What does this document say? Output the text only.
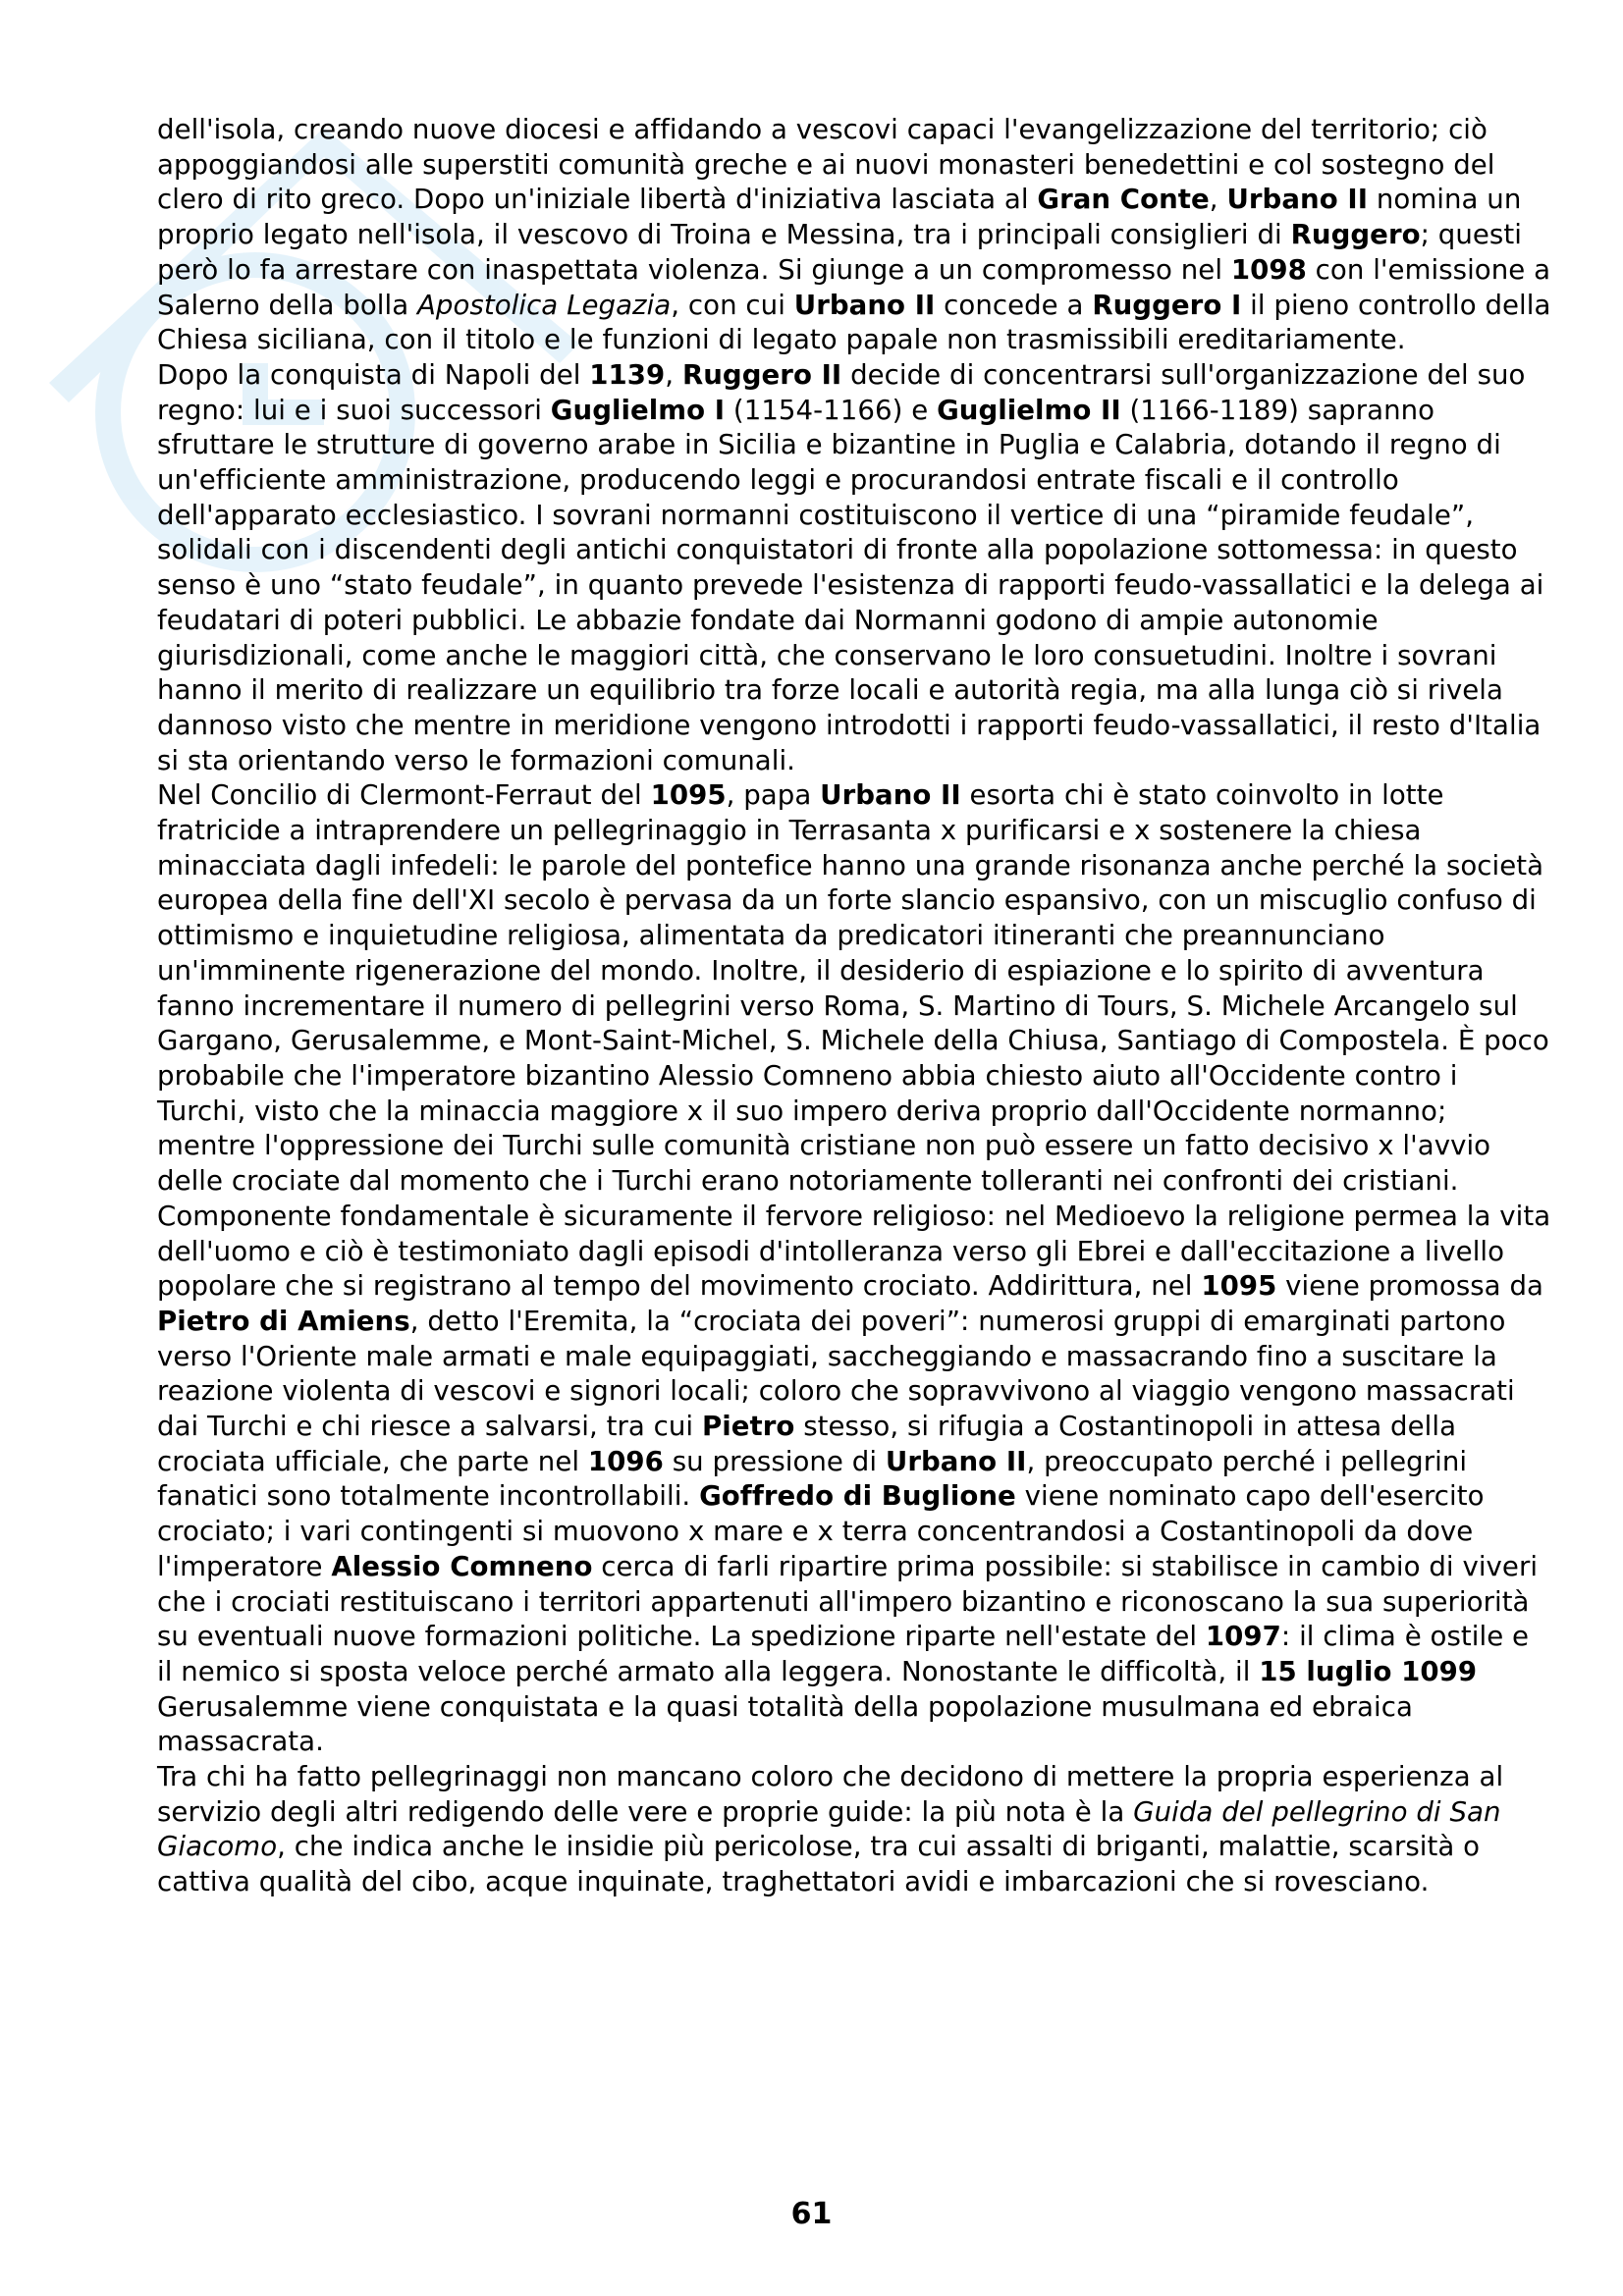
dell'isola, creando nuove diocesi e affidando a vescovi capaci l'evangelizzazione del territorio; ciò appoggiandosi alle superstiti comunità greche e ai nuovi monasteri benedettini e col sostegno del clero di rito greco. Dopo un'iniziale libertà d'iniziativa lasciata al Gran Conte, Urbano II nomina un proprio legato nell'isola, il vescovo di Troina e Messina, tra i principali consiglieri di Ruggero; questi però lo fa arrestare con inaspettata violenza. Si giunge a un compromesso nel 1098 con l'emissione a Salerno della bolla Apostolica Legazia, con cui Urbano II concede a Ruggero I il pieno controllo della Chiesa siciliana, con il titolo e le funzioni di legato papale non trasmissibili ereditariamente.

Dopo la conquista di Napoli del 1139, Ruggero II decide di concentrarsi sull'organizzazione del suo regno: lui e i suoi successori Guglielmo I (1154-1166) e Guglielmo II (1166-1189) sapranno sfruttare le strutture di governo arabe in Sicilia e bizantine in Puglia e Calabria, dotando il regno di un'efficiente amministrazione, producendo leggi e procurandosi entrate fiscali e il controllo dell'apparato ecclesiastico. I sovrani normanni costituiscono il vertice di una “piramide feudale”, solidali con i discendenti degli antichi conquistatori di fronte alla popolazione sottomessa: in questo senso è uno “stato feudale”, in quanto prevede l'esistenza di rapporti feudo-vassallatici e la delega ai feudatari di poteri pubblici. Le abbazie fondate dai Normanni godono di ampie autonomie giurisdizionali, come anche le maggiori città, che conservano le loro consuetudini. Inoltre i sovrani hanno il merito di realizzare un equilibrio tra forze locali e autorità regia, ma alla lunga ciò si rivela dannoso visto che mentre in meridione vengono introdotti i rapporti feudo-vassallatici, il resto d'Italia si sta orientando verso le formazioni comunali.

Nel Concilio di Clermont-Ferraut del 1095, papa Urbano II esorta chi è stato coinvolto in lotte fratricide a intraprendere un pellegrinaggio in Terrasanta x purificarsi e x sostenere la chiesa minacciata dagli infedeli: le parole del pontefice hanno una grande risonanza anche perché la società europea della fine dell'XI secolo è pervasa da un forte slancio espansivo, con un miscuglio confuso di ottimismo e inquietudine religiosa, alimentata da predicatori itineranti che preannunciano un'imminente rigenerazione del mondo. Inoltre, il desiderio di espiazione e lo spirito di avventura fanno incrementare il numero di pellegrini verso Roma, S. Martino di Tours, S. Michele Arcangelo sul Gargano, Gerusalemme, e Mont-Saint-Michel, S. Michele della Chiusa, Santiago di Compostela. È poco probabile che l'imperatore bizantino Alessio Comneno abbia chiesto aiuto all'Occidente contro i Turchi, visto che la minaccia maggiore x il suo impero deriva proprio dall'Occidente normanno; mentre l'oppressione dei Turchi sulle comunità cristiane non può essere un fatto decisivo x l'avvio delle crociate dal momento che i Turchi erano notoriamente tolleranti nei confronti dei cristiani. Componente fondamentale è sicuramente il fervore religioso: nel Medioevo la religione permea la vita dell'uomo e ciò è testimoniato dagli episodi d'intolleranza verso gli Ebrei e dall'eccitazione a livello popolare che si registrano al tempo del movimento crociato. Addirittura, nel 1095 viene promossa da Pietro di Amiens, detto l'Eremita, la “crociata dei poveri”: numerosi gruppi di emarginati partono verso l'Oriente male armati e male equipaggiati, saccheggiando e massacrando fino a suscitare la reazione violenta di vescovi e signori locali; coloro che sopravvivono al viaggio vengono massacrati dai Turchi e chi riesce a salvarsi, tra cui Pietro stesso, si rifugia a Costantinopoli in attesa della crociata ufficiale, che parte nel 1096 su pressione di Urbano II, preoccupato perché i pellegrini fanatici sono totalmente incontrollabili. Goffredo di Buglione viene nominato capo dell'esercito crociato; i vari contingenti si muovono x mare e x terra concentrandosi a Costantinopoli da dove l'imperatore Alessio Comneno cerca di farli ripartire prima possibile: si stabilisce in cambio di viveri che i crociati restituiscano i territori appartenuti all'impero bizantino e riconoscano la sua superiorità su eventuali nuove formazioni politiche. La spedizione riparte nell'estate del 1097: il clima è ostile e il nemico si sposta veloce perché armato alla leggera. Nonostante le difficoltà, il 15 luglio 1099 Gerusalemme viene conquistata e la quasi totalità della popolazione musulmana ed ebraica massacrata.

Tra chi ha fatto pellegrinaggi non mancano coloro che decidono di mettere la propria esperienza al servizio degli altri redigendo delle vere e proprie guide: la più nota è la Guida del pellegrino di San Giacomo, che indica anche le insidie più pericolose, tra cui assalti di briganti, malattie, scarsità o cattiva qualità del cibo, acque inquinate, traghettatori avidi e imbarcazioni che si rovesciano.

61
